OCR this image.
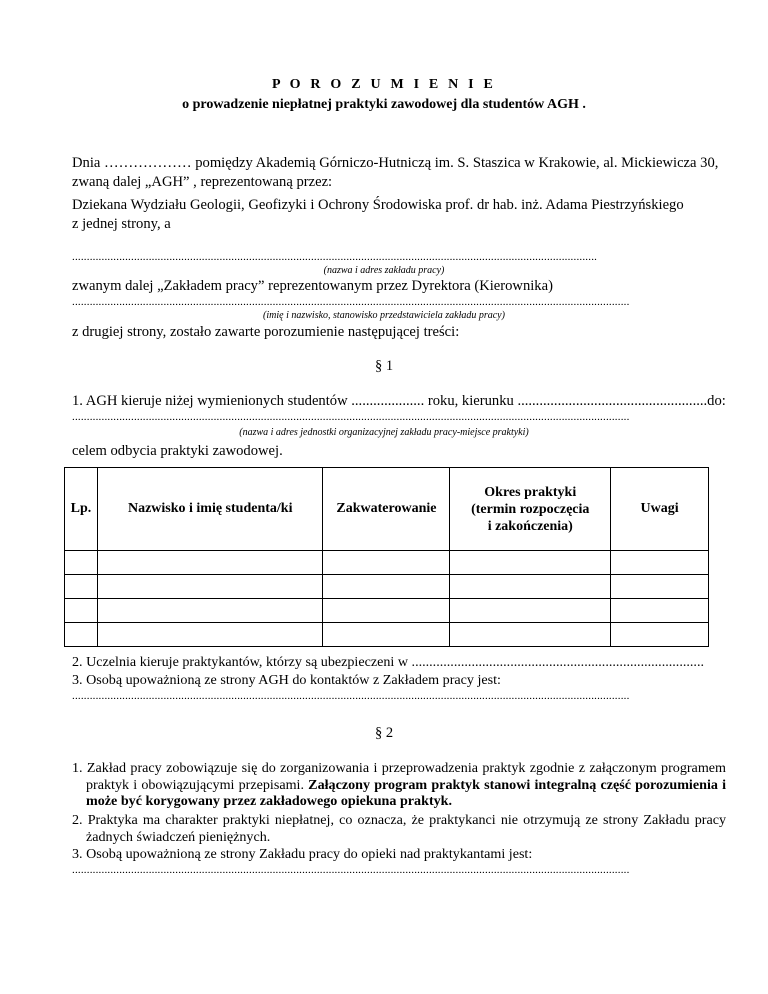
P O R O Z U M I E N I E
o prowadzenie niepłatnej praktyki zawodowej dla studentów AGH .
Dnia ……………… pomiędzy Akademią Górniczo-Hutniczą im. S. Staszica w Krakowie, al. Mickiewicza 30,
zwaną dalej „AGH” , reprezentowaną przez:
Dziekana Wydziału Geologii, Geofizyki i Ochrony Środowiska prof. dr hab. inż. Adama Piestrzyńskiego
z jednej strony, a
..................................................................................................................................................................................
(nazwa i adres zakładu pracy)
zwanym dalej „Zakładem pracy” reprezentowanym przez Dyrektora (Kierownika)
.............................................................................................................................................................................................
(imię i nazwisko, stanowisko przedstawiciela zakładu pracy)
z drugiej strony, zostało zawarte porozumienie następującej treści:
§ 1
1. AGH kieruje niżej wymienionych studentów .................... roku, kierunku ....................................................do:
.............................................................................................................................................................................................
(nazwa i adres jednostki organizacyjnej zakładu pracy-miejsce praktyki)
celem odbycia praktyki zawodowej.
Lp.	Nazwisko i imię studenta/ki	Zakwaterowanie	Okres praktyki
(termin rozpoczęcia
i zakończenia)	Uwagi

2. Uczelnia kieruje praktykantów, którzy są ubezpieczeni w ...................................................................................
3. Osobą upoważnioną ze strony AGH do kontaktów z Zakładem pracy jest:
.............................................................................................................................................................................................
§ 2
1. Zakład pracy zobowiązuje się do zorganizowania i przeprowadzenia praktyk zgodnie z załączonym programem praktyk i obowiązującymi przepisami. Załączony program praktyk stanowi integralną część porozumienia i może być korygowany przez zakładowego opiekuna praktyk.
2. Praktyka ma charakter praktyki niepłatnej, co oznacza, że praktykanci nie otrzymują ze strony Zakładu pracy żadnych świadczeń pieniężnych.
3. Osobą upoważnioną ze strony Zakładu pracy do opieki nad praktykantami jest:
.............................................................................................................................................................................................
